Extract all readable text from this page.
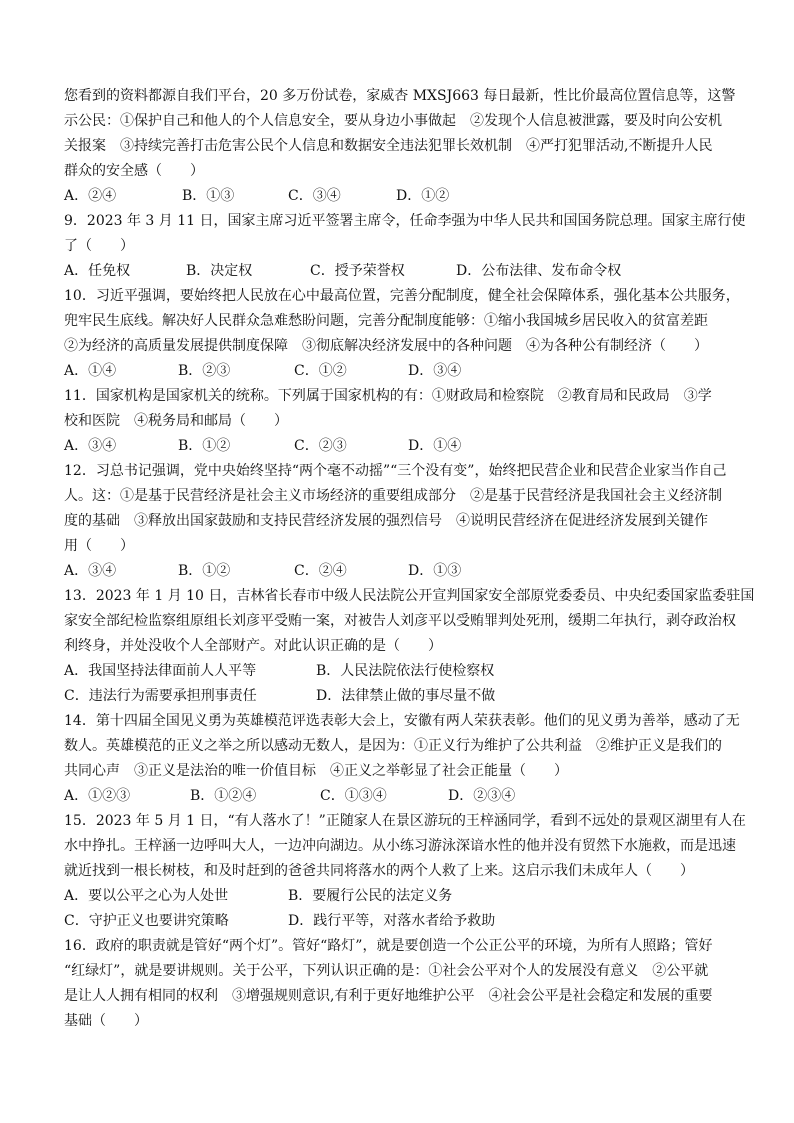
您看到的资料都源自我们平台，20 多万份试卷，家威杏 MXSJ663 每日最新，性比价最高位置信息等，这警
示公民：①保护自己和他人的个人信息安全，要从身边小事做起　②发现个人信息被泄露，要及时向公安机
关报案　③持续完善打击危害公民个人信息和数据安全违法犯罪长效机制　④严打犯罪活动,不断提升人民
群众的安全感（　　）
A．②④	B．①③	C．③④	D．①②
9．2023 年 3 月 11 日，国家主席习近平签署主席令，任命李强为中华人民共和国国务院总理。国家主席行使
了（　　）
A．任免权	B．决定权	C．授予荣誉权	D．公布法律、发布命令权
10．习近平强调，要始终把人民放在心中最高位置，完善分配制度，健全社会保障体系，强化基本公共服务，
兜牢民生底线。解决好人民群众急难愁盼问题，完善分配制度能够：①缩小我国城乡居民收入的贫富差距
②为经济的高质量发展提供制度保障　③彻底解决经济发展中的各种问题　④为各种公有制经济（　　）
A．①④	B．②③	C．①②	D．③④
11．国家机构是国家机关的统称。下列属于国家机构的有：①财政局和检察院　②教育局和民政局　③学
校和医院　④税务局和邮局（　　）
A．③④	B．①②	C．②③	D．①④
12．习总书记强调，党中央始终坚持“两个毫不动摇”“三个没有变”，始终把民营企业和民营企业家当作自己
人。这：①是基于民营经济是社会主义市场经济的重要组成部分　②是基于民营经济是我国社会主义经济制
度的基础　③释放出国家鼓励和支持民营经济发展的强烈信号　④说明民营经济在促进经济发展到关键作
用（　　）
A．③④	B．①②	C．②④	D．①③
13．2023 年 1 月 10 日，吉林省长春市中级人民法院公开宣判国家安全部原党委委员、中央纪委国家监委驻国
家安全部纪检监察组原组长刘彦平受贿一案，对被告人刘彦平以受贿罪判处死刑，缓期二年执行，剥夺政治权
利终身，并处没收个人全部财产。对此认识正确的是（　　）
A．我国坚持法律面前人人平等	B．人民法院依法行使检察权
C．违法行为需要承担刑事责任	D．法律禁止做的事尽量不做
14．第十四届全国见义勇为英雄模范评选表彰大会上，安徽有两人荣获表彰。他们的见义勇为善举，感动了无
数人。英雄模范的正义之举之所以感动无数人，是因为：①正义行为维护了公共利益　②维护正义是我们的
共同心声　③正义是法治的唯一价值目标　④正义之举彰显了社会正能量（　　）
A．①②③	B．①②④	C．①③④	D．②③④
15．2023 年 5 月 1 日，“有人落水了！”正随家人在景区游玩的王梓涵同学，看到不远处的景观区湖里有人在
水中挣扎。王梓涵一边呼叫大人，一边冲向湖边。从小练习游泳深谙水性的他并没有贸然下水施救，而是迅速
就近找到一根长树枝，和及时赶到的爸爸共同将落水的两个人救了上来。这启示我们未成年人（　　）
A．要以公平之心为人处世	B．要履行公民的法定义务
C．守护正义也要讲究策略	D．践行平等，对落水者给予救助
16．政府的职责就是管好“两个灯”。管好“路灯”，就是要创造一个公正公平的环境，为所有人照路；管好
“红绿灯”，就是要讲规则。关于公平，下列认识正确的是：①社会公平对个人的发展没有意义　②公平就
是让人人拥有相同的权利　③增强规则意识,有利于更好地维护公平　④社会公平是社会稳定和发展的重要
基础（　　）
